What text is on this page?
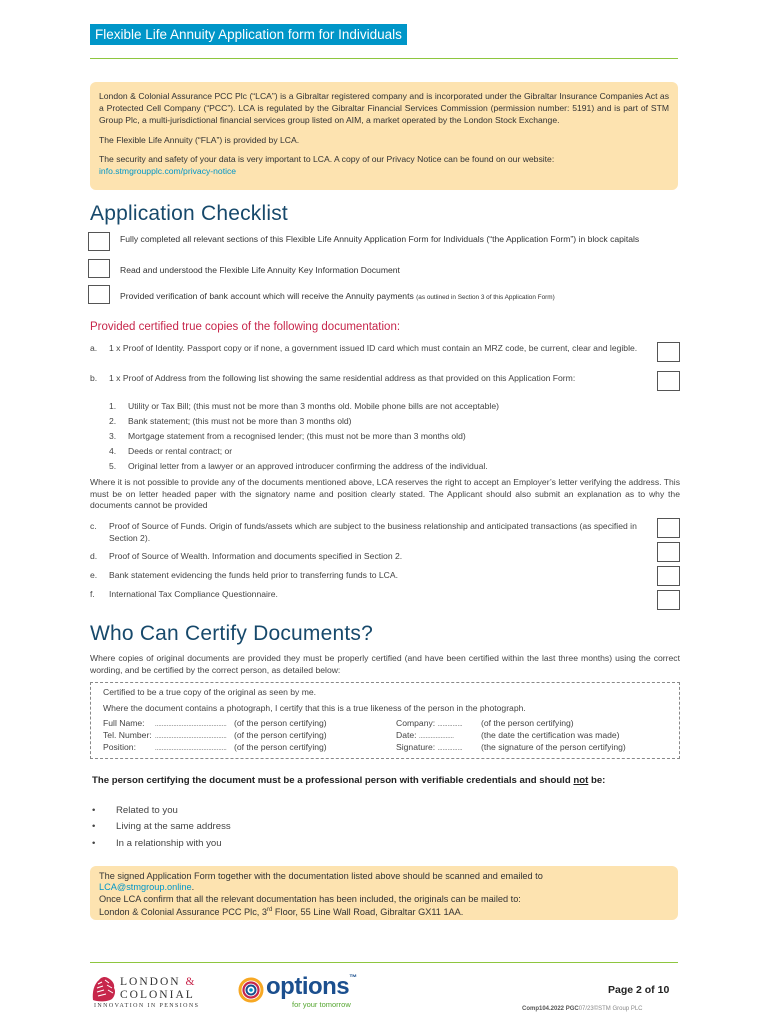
Flexible Life Annuity Application form for Individuals

London & Colonial Assurance PCC Plc (“LCA”) is a Gibraltar registered company and is incorporated under the Gibraltar Insurance Companies Act as a Protected Cell Company (“PCC”). LCA is regulated by the Gibraltar Financial Services Commission (permission number: 5191) and is part of STM Group Plc, a multi-jurisdictional financial services group listed on AIM, a market operated by the London Stock Exchange.

The Flexible Life Annuity (“FLA”) is provided by LCA.

The security and safety of your data is very important to LCA. A copy of our Privacy Notice can be found on our website:
info.stmgroupplc.com/privacy-notice

Application Checklist
Fully completed all relevant sections of this Flexible Life Annuity Application Form for Individuals (“the Application Form”) in block capitals
Read and understood the Flexible Life Annuity Key Information Document
Provided verification of bank account which will receive the Annuity payments (as outlined in Section 3 of this Application Form)
Provided certified true copies of the following documentation:
a.	1 x Proof of Identity. Passport copy or if none, a government issued ID card which must contain an MRZ code, be current, clear and legible.
b.	1 x Proof of Address from the following list showing the same residential address as that provided on this Application Form:
1.	Utility or Tax Bill; (this must not be more than 3 months old. Mobile phone bills are not acceptable)
2.	Bank statement; (this must not be more than 3 months old)
3.	Mortgage statement from a recognised lender; (this must not be more than 3 months old)
4.	Deeds or rental contract; or
5.	Original letter from a lawyer or an approved introducer confirming the address of the individual.
Where it is not possible to provide any of the documents mentioned above, LCA reserves the right to accept an Employer’s letter verifying the address. This must be on letter headed paper with the signatory name and position clearly stated. The Applicant should also submit an explanation as to why the documents cannot be provided
c.	Proof of Source of Funds. Origin of funds/assets which are subject to the business relationship and anticipated transactions (as specified in Section 2).
d.	Proof of Source of Wealth. Information and documents specified in Section 2.
e.	Bank statement evidencing the funds held prior to transferring funds to LCA.
f.	International Tax Compliance Questionnaire.
Who Can Certify Documents?
Where copies of original documents are provided they must be properly certified (and have been certified within the last three months) using the correct wording, and be certified by the correct person, as detailed below:
Certified to be a true copy of the original as seen by me.
Where the document contains a photograph, I certify that this is a true likeness of the person in the photograph.
Full Name: ........................................... (of the person certifying)
Tel. Number: ........................................... (of the person certifying)
Position:	........................................... (of the person certifying)
Company: ............... (of the person certifying)
Date: .....................	(the date the certification was made)
Signature: ............... (the signature of the person certifying)
The person certifying the document must be a professional person with verifiable credentials and should not be:
• Related to you
• Living at the same address
• In a relationship with you
The signed Application Form together with the documentation listed above should be scanned and emailed to
LCA@stmgroup.online.
Once LCA confirm that all the relevant documentation has been included, the originals can be mailed to:
London & Colonial Assurance PCC Plc, 3rd Floor, 55 Line Wall Road, Gibraltar GX11 1AA.
LONDON &
COLONIAL
INNOVATION IN PENSIONS
options™
for your tomorrow
Page 2 of 10
Comp104.2022 PGC07/23©STM Group PLC
